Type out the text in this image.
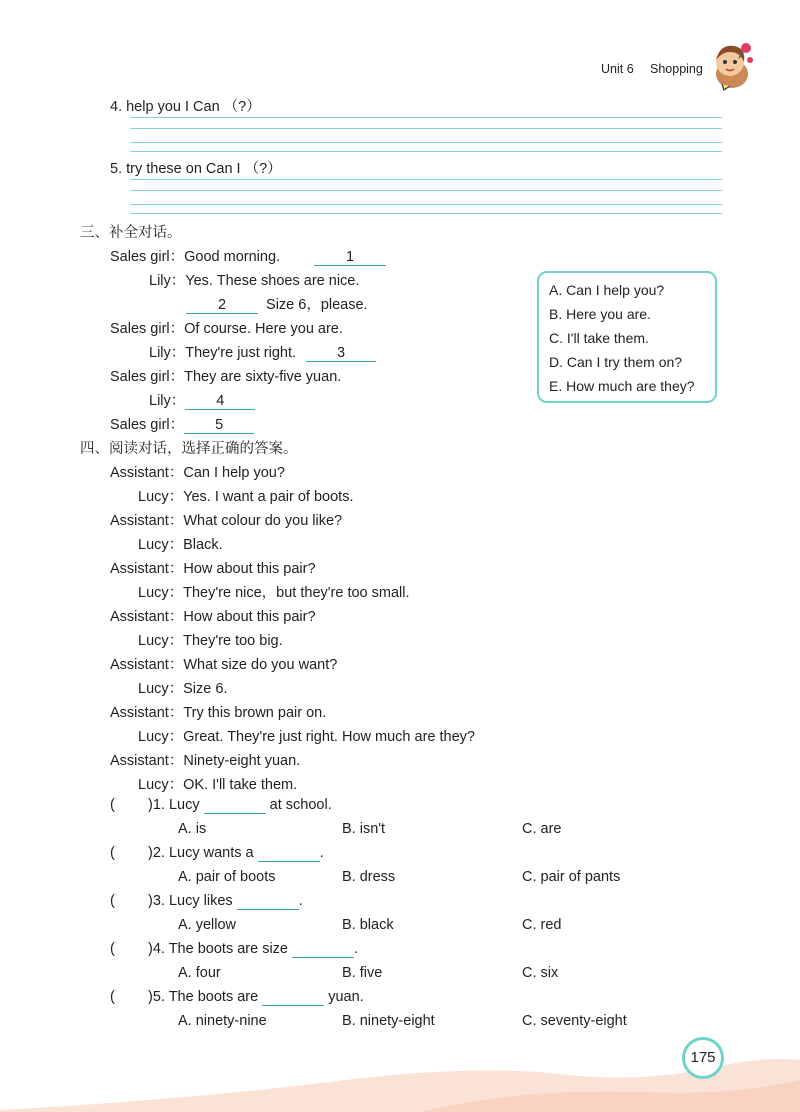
Unit 6 Shopping
4. help you I Can （?）
5. try these on Can I （?）
三、补全对话。
Sales girl：Good morning.	1
Lily：Yes. These shoes are nice.
2 Size 6，please.
Sales girl：Of course. Here you are.
Lily：They're just right.	3
Sales girl：They are sixty-five yuan.
Lily： 4
Sales girl： 5
A. Can I help you?
B. Here you are.
C. I'll take them.
D. Can I try them on?
E. How much are they?
四、阅读对话，选择正确的答案。
Assistant：Can I help you?
Lucy：Yes. I want a pair of boots.
Assistant：What colour do you like?
Lucy：Black.
Assistant：How about this pair?
Lucy：They're nice，but they're too small.
Assistant：How about this pair?
Lucy：They're too big.
Assistant：What size do you want?
Lucy：Size 6.
Assistant：Try this brown pair on.
Lucy：Great. They're just right. How much are they?
Assistant：Ninety-eight yuan.
Lucy：OK. I'll take them.
( )1. Lucy	at school.
A. is	B. isn't	C. are
( )2. Lucy wants a	.
A. pair of boots	B. dress	C. pair of pants
( )3. Lucy likes	.
A. yellow	B. black	C. red
( )4. The boots are size	.
A. four	B. five	C. six
( )5. The boots are	yuan.
A. ninety-nine	B. ninety-eight	C. seventy-eight
175
